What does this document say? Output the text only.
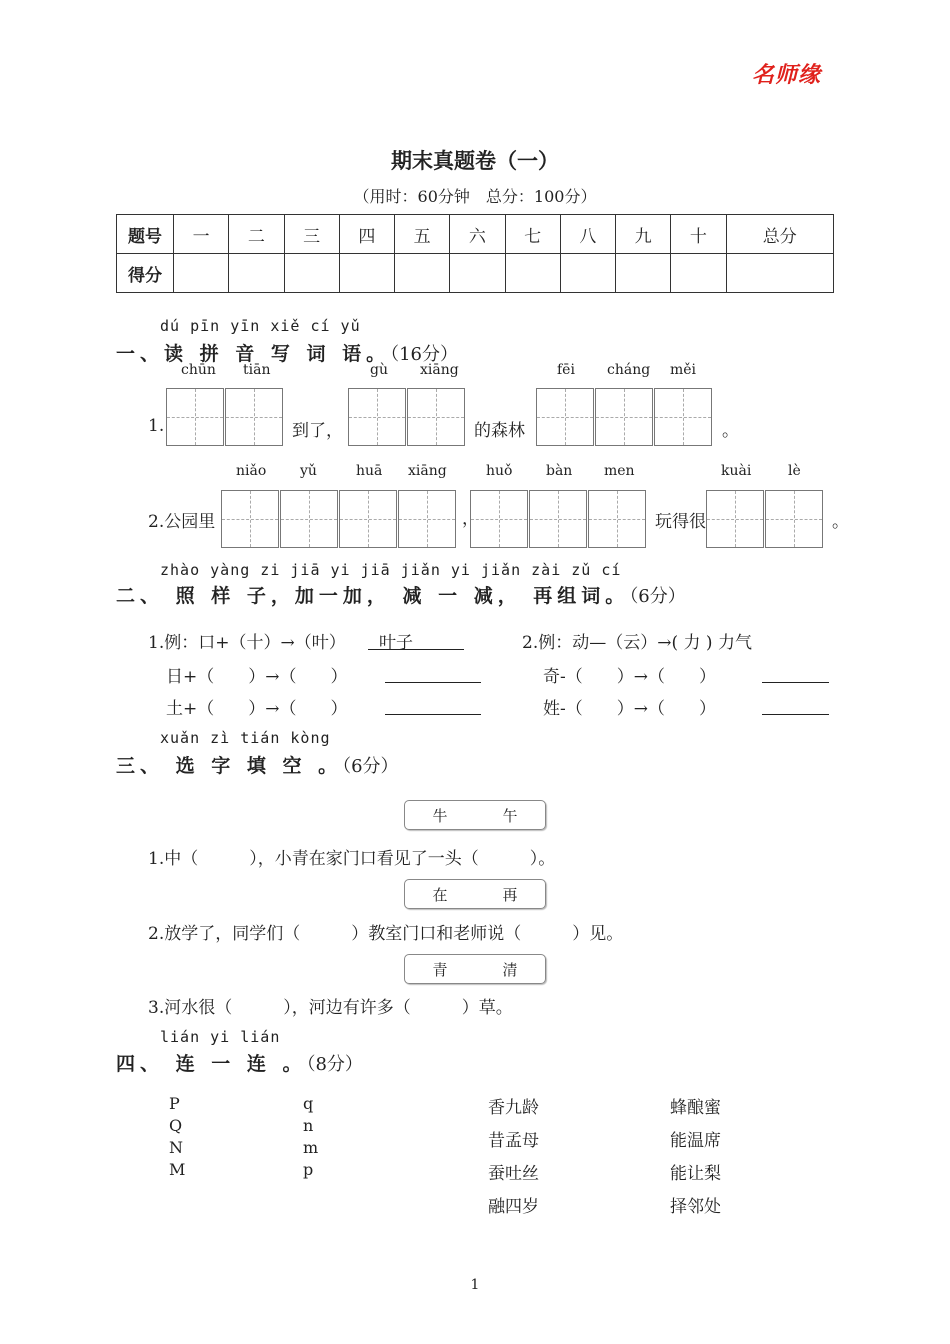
名师缘
期末真题卷（一）
（用时：60分钟　总分：100分）
题号	一	二	三	四	五	六	七	八	九	十	总分
得分											
dú pīn yīn xiě cí yǔ
一、读 拼 音 写 词 语。（16分）
chūn tiān	gù xiāng	fēi cháng měi
1.	到了，	的森林	。
niǎo yǔ	huā xiāng	huǒ bàn men	kuài	lè
2.公园里	，	玩得很	。
zhào yàng zi jiā yi jiā jiǎn yi jiǎn zài zǔ cí
二、 照 样 子，加一加， 减 一 减， 再组词。（6分）
1.例：口+（十）→（叶） 叶子	2.例：动—（云）→( 力 ) 力气
日+（　　）→（　　）	奇-（　　）→（　　）
土+（　　）→（　　）	姓-（　　）→（　　）
xuǎn zì tián kòng
三、 选 字 填 空 。（6分）
牛	午
1.中（　　　），小青在家门口看见了一头（　　　）。
在	再
2.放学了，同学们（　　　）教室门口和老师说（　　　）见。
青	清
3.河水很（　　　），河边有许多（　　　）草。
lián yi lián
四、 连 一 连 。（8分）
P
Q
N
M
q
n
m
p
香九龄
昔孟母
蚕吐丝
融四岁
蜂酿蜜
能温席
能让梨
择邻处
1
